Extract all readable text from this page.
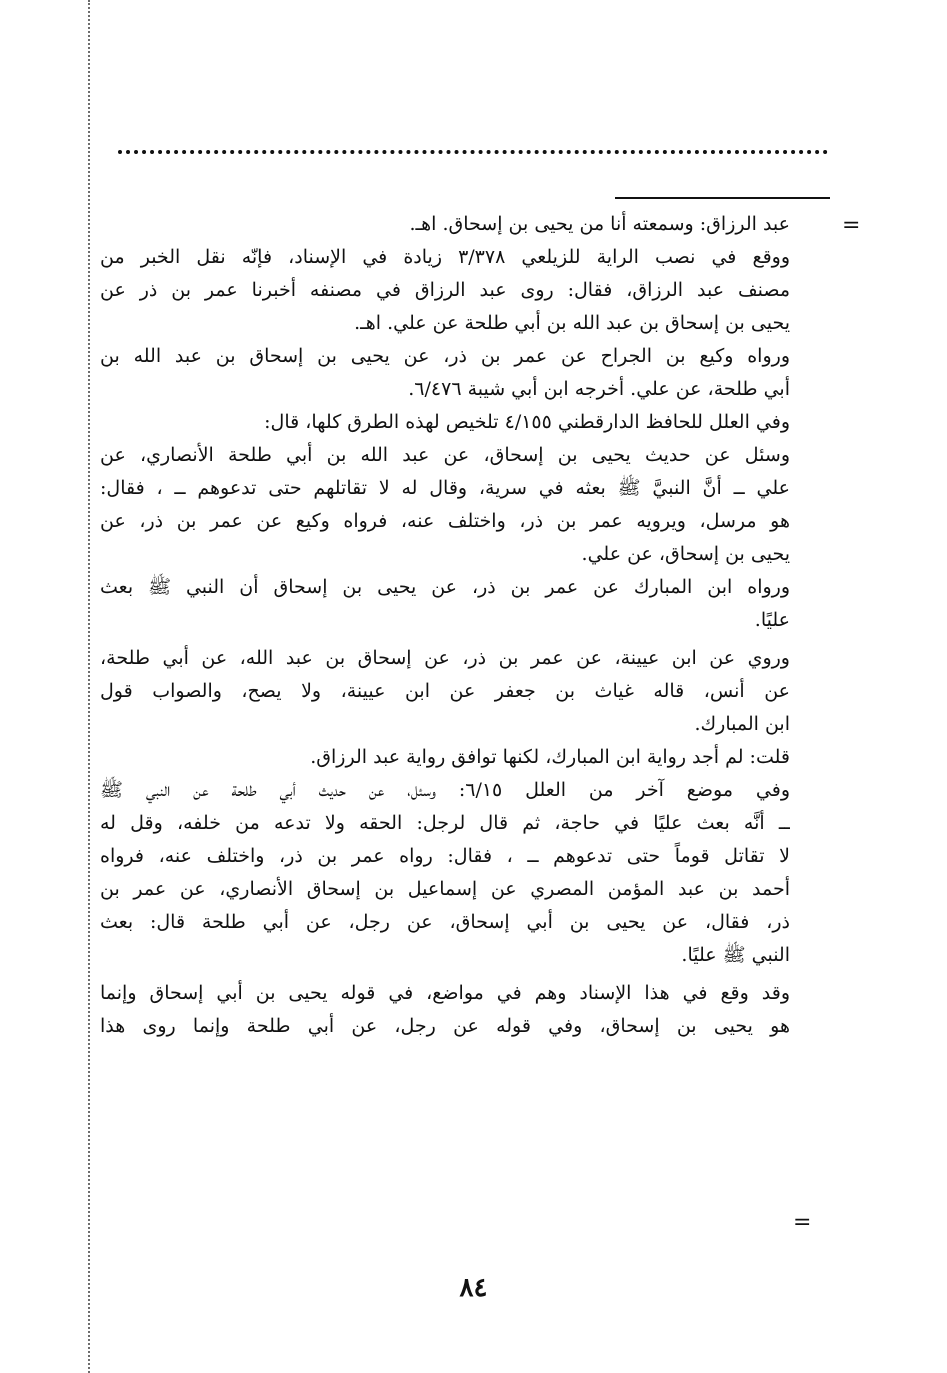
=
عبد الرزاق: وسمعته أنا من يحيى بن إسحاق. اهـ.
ووقع في نصب الراية للزيلعي ٣/٣٧٨ زيادة في الإسناد، فإنّه نقل الخبر من
مصنف عبد الرزاق، فقال: روى عبد الرزاق في مصنفه أخبرنا عمر بن ذر عن
يحيى بن إسحاق بن عبد الله بن أبي طلحة عن علي. اهـ.
ورواه وكيع بن الجراح عن عمر بن ذر، عن يحيى بن إسحاق بن عبد الله بن
أبي طلحة، عن علي. أخرجه ابن أبي شيبة ٦/٤٧٦.
وفي العلل للحافظ الدارقطني ٤/١٥٥ تلخيص لهذه الطرق كلها، قال:
وسئل عن حديث يحيى بن إسحاق، عن عبد الله بن أبي طلحة الأنصاري، عن
علي ــ أنَّ النبيَّ ﷺ بعثه في سرية، وقال له لا تقاتلهم حتى تدعوهم ــ ، فقال:
هو مرسل، ويرويه عمر بن ذر، واختلف عنه، فرواه وكيع عن عمر بن ذر، عن
يحيى بن إسحاق، عن علي.
ورواه ابن المبارك عن عمر بن ذر، عن يحيى بن إسحاق أن النبي ﷺ بعث
عليًا.
وروي عن ابن عيينة، عن عمر بن ذر، عن إسحاق بن عبد الله، عن أبي طلحة،
عن أنس، قاله غياث بن جعفر عن ابن عيينة، ولا يصح، والصواب قول
ابن المبارك.
قلت: لم أجد رواية ابن المبارك، لكنها توافق رواية عبد الرزاق.
وفي موضع آخر من العلل ٦/١٥: وسئل، عن حديث أبي طلحة عن النبي ﷺ
ــ أنَّه بعث عليًا في حاجة، ثم قال لرجل: الحقه ولا تدعه من خلفه، وقل له
لا تقاتل قوماً حتى تدعوهم ــ ، فقال: رواه عمر بن ذر، واختلف عنه، فرواه
أحمد بن عبد المؤمن المصري عن إسماعيل بن إسحاق الأنصاري، عن عمر بن
ذر، فقال، عن يحيى بن أبي إسحاق، عن رجل، عن أبي طلحة قال: بعث
النبي ﷺ عليًا.
وقد وقع في هذا الإسناد وهم في مواضع، في قوله يحيى بن أبي إسحاق وإنما
هو يحيى بن إسحاق، وفي قوله عن رجل، عن أبي طلحة وإنما روى هذا
=
٨٤
